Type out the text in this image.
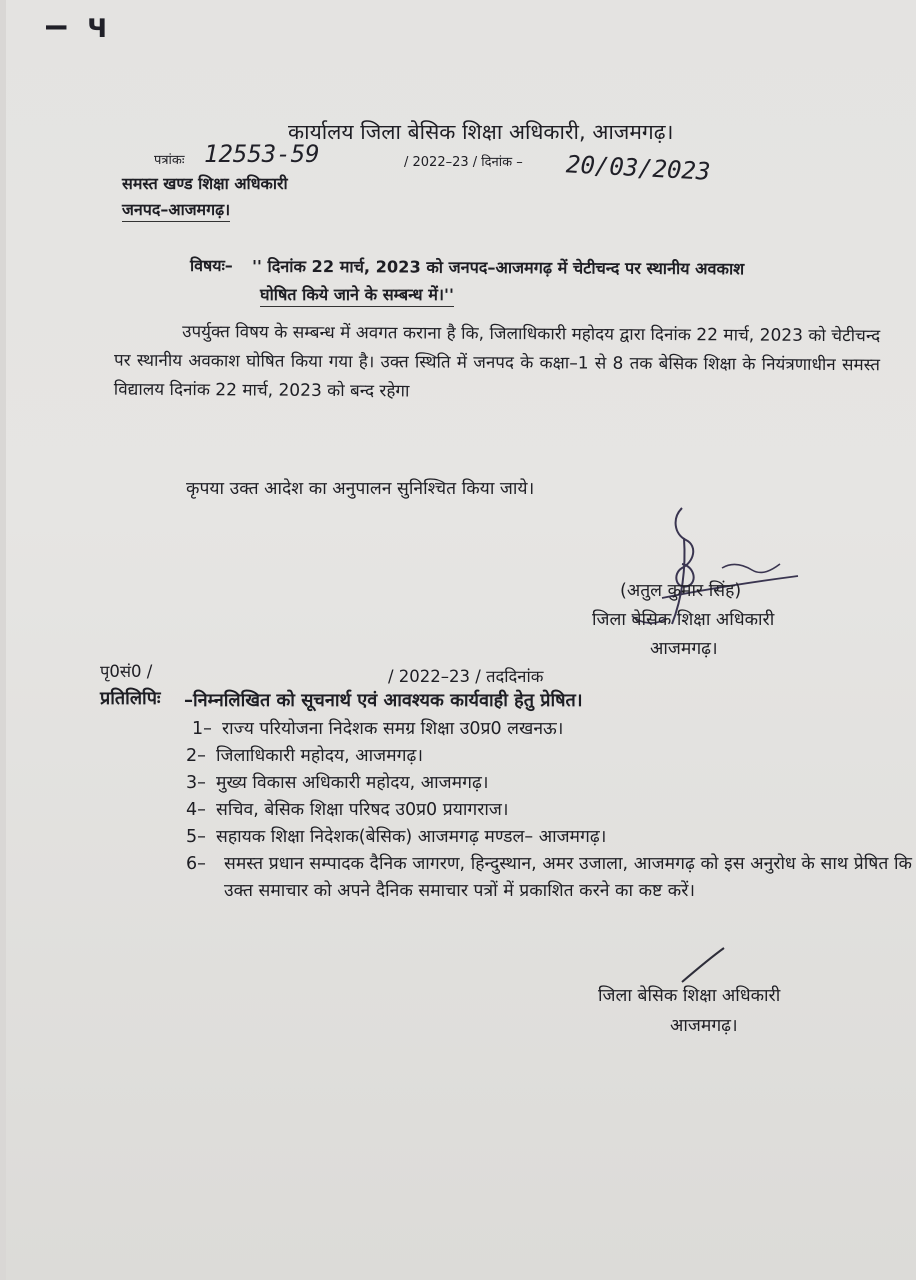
– ч
कार्यालय जिला बेसिक शिक्षा अधिकारी, आजमगढ़।
पत्रांकः 12553-59	/ 2022–23 / दिनांक – 20/03/2023
समस्त खण्ड शिक्षा अधिकारी
जनपद–आजमगढ़।
विषयः– '' दिनांक 22 मार्च, 2023 को जनपद–आजमगढ़ में चेटीचन्द पर स्थानीय अवकाश
घोषित किये जाने के सम्बन्ध में।''
उपर्युक्त विषय के सम्बन्ध में अवगत कराना है कि, जिलाधिकारी महोदय द्वारा दिनांक 22 मार्च, 2023 को चेटीचन्द पर स्थानीय अवकाश घोषित किया गया है। उक्त स्थिति में जनपद के कक्षा–1 से 8 तक बेसिक शिक्षा के नियंत्रणाधीन समस्त विद्यालय दिनांक 22 मार्च, 2023 को बन्द रहेगा
कृपया उक्त आदेश का अनुपालन सुनिश्चित किया जाये।
(अतुल कुमार सिंह)
जिला बेसिक शिक्षा अधिकारी
आजमगढ़।
पृ0सं0 /	/ 2022–23 / तददिनांक
प्रतिलिपिः –निम्नलिखित को सूचनार्थ एवं आवश्यक कार्यवाही हेतु प्रेषित।
1– राज्य परियोजना निदेशक समग्र शिक्षा उ0प्र0 लखनऊ।
2– जिलाधिकारी महोदय, आजमगढ़।
3– मुख्य विकास अधिकारी महोदय, आजमगढ़।
4– सचिव, बेसिक शिक्षा परिषद उ0प्र0 प्रयागराज।
5– सहायक शिक्षा निदेशक(बेसिक) आजमगढ़ मण्डल– आजमगढ़।
6– समस्त प्रधान सम्पादक दैनिक जागरण, हिन्दुस्थान, अमर उजाला, आजमगढ़ को इस अनुरोध के साथ प्रेषित कि उक्त समाचार को अपने दैनिक समाचार पत्रों में प्रकाशित करने का कष्ट करें।
जिला बेसिक शिक्षा अधिकारी
आजमगढ़।
